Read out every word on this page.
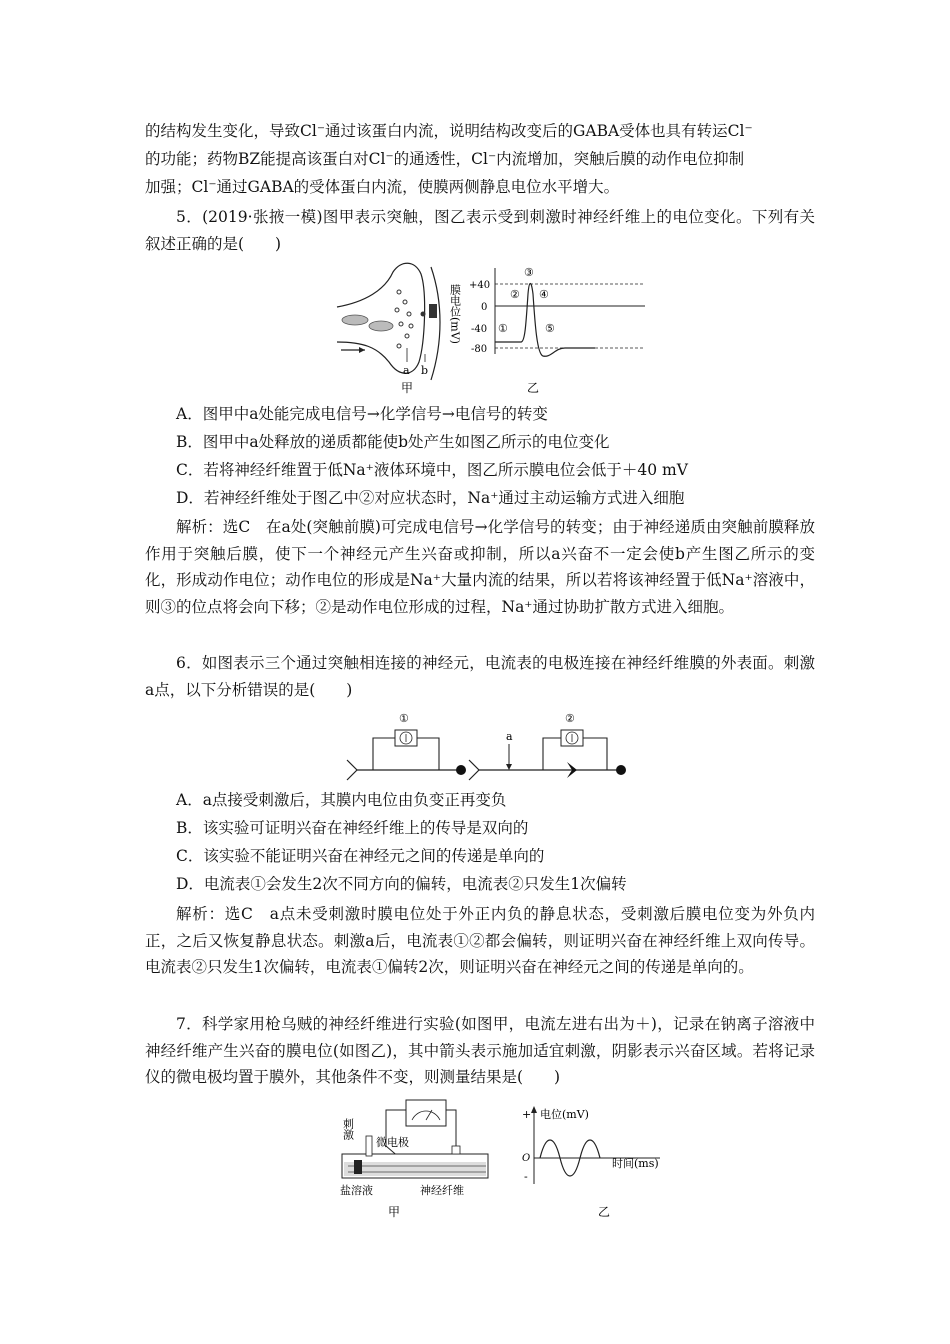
的结构发生变化，导致Cl⁻通过该蛋白内流，说明结构改变后的GABA受体也具有转运Cl⁻

的功能；药物BZ能提高该蛋白对Cl⁻的通透性，Cl⁻内流增加，突触后膜的动作电位抑制

加强；Cl⁻通过GABA的受体蛋白内流，使膜两侧静息电位水平增大。

5．(2019·张掖一模)图甲表示突触，图乙表示受到刺激时神经纤维上的电位变化。下列有关叙述正确的是(　　)

a b
甲
膜电位(mV) +40
0
-40
-80
①
②
③
④
⑤
乙

A．图甲中a处能完成电信号→化学信号→电信号的转变

B．图甲中a处释放的递质都能使b处产生如图乙所示的电位变化

C．若将神经纤维置于低Na⁺液体环境中，图乙所示膜电位会低于＋40 mV

D．若神经纤维处于图乙中②对应状态时，Na⁺通过主动运输方式进入细胞

解析：选C　在a处(突触前膜)可完成电信号→化学信号的转变；由于神经递质由突触前膜释放作用于突触后膜，使下一个神经元产生兴奋或抑制，所以a兴奋不一定会使b产生图乙所示的变化，形成动作电位；动作电位的形成是Na⁺大量内流的结果，所以若将该神经置于低Na⁺溶液中，则③的位点将会向下移；②是动作电位形成的过程，Na⁺通过协助扩散方式进入细胞。

6．如图表示三个通过突触相连接的神经元，电流表的电极连接在神经纤维膜的外表面。刺激a点，以下分析错误的是(　　)

①	②
a

A．a点接受刺激后，其膜内电位由负变正再变负

B．该实验可证明兴奋在神经纤维上的传导是双向的

C．该实验不能证明兴奋在神经元之间的传递是单向的

D．电流表①会发生2次不同方向的偏转，电流表②只发生1次偏转

解析：选C　a点未受刺激时膜电位处于外正内负的静息状态，受刺激后膜电位变为外负内正，之后又恢复静息状态。刺激a后，电流表①②都会偏转，则证明兴奋在神经纤维上双向传导。电流表②只发生1次偏转，电流表①偏转2次，则证明兴奋在神经元之间的传递是单向的。

7．科学家用枪乌贼的神经纤维进行实验(如图甲，电流左进右出为＋)，记录在钠离子溶液中神经纤维产生兴奋的膜电位(如图乙)，其中箭头表示施加适宜刺激，阴影表示兴奋区域。若将记录仪的微电极均置于膜外，其他条件不变，则测量结果是(　　)

刺激
微电极
盐溶液	神经纤维
甲
+
-
O
电位(mV)
时间(ms)
乙
